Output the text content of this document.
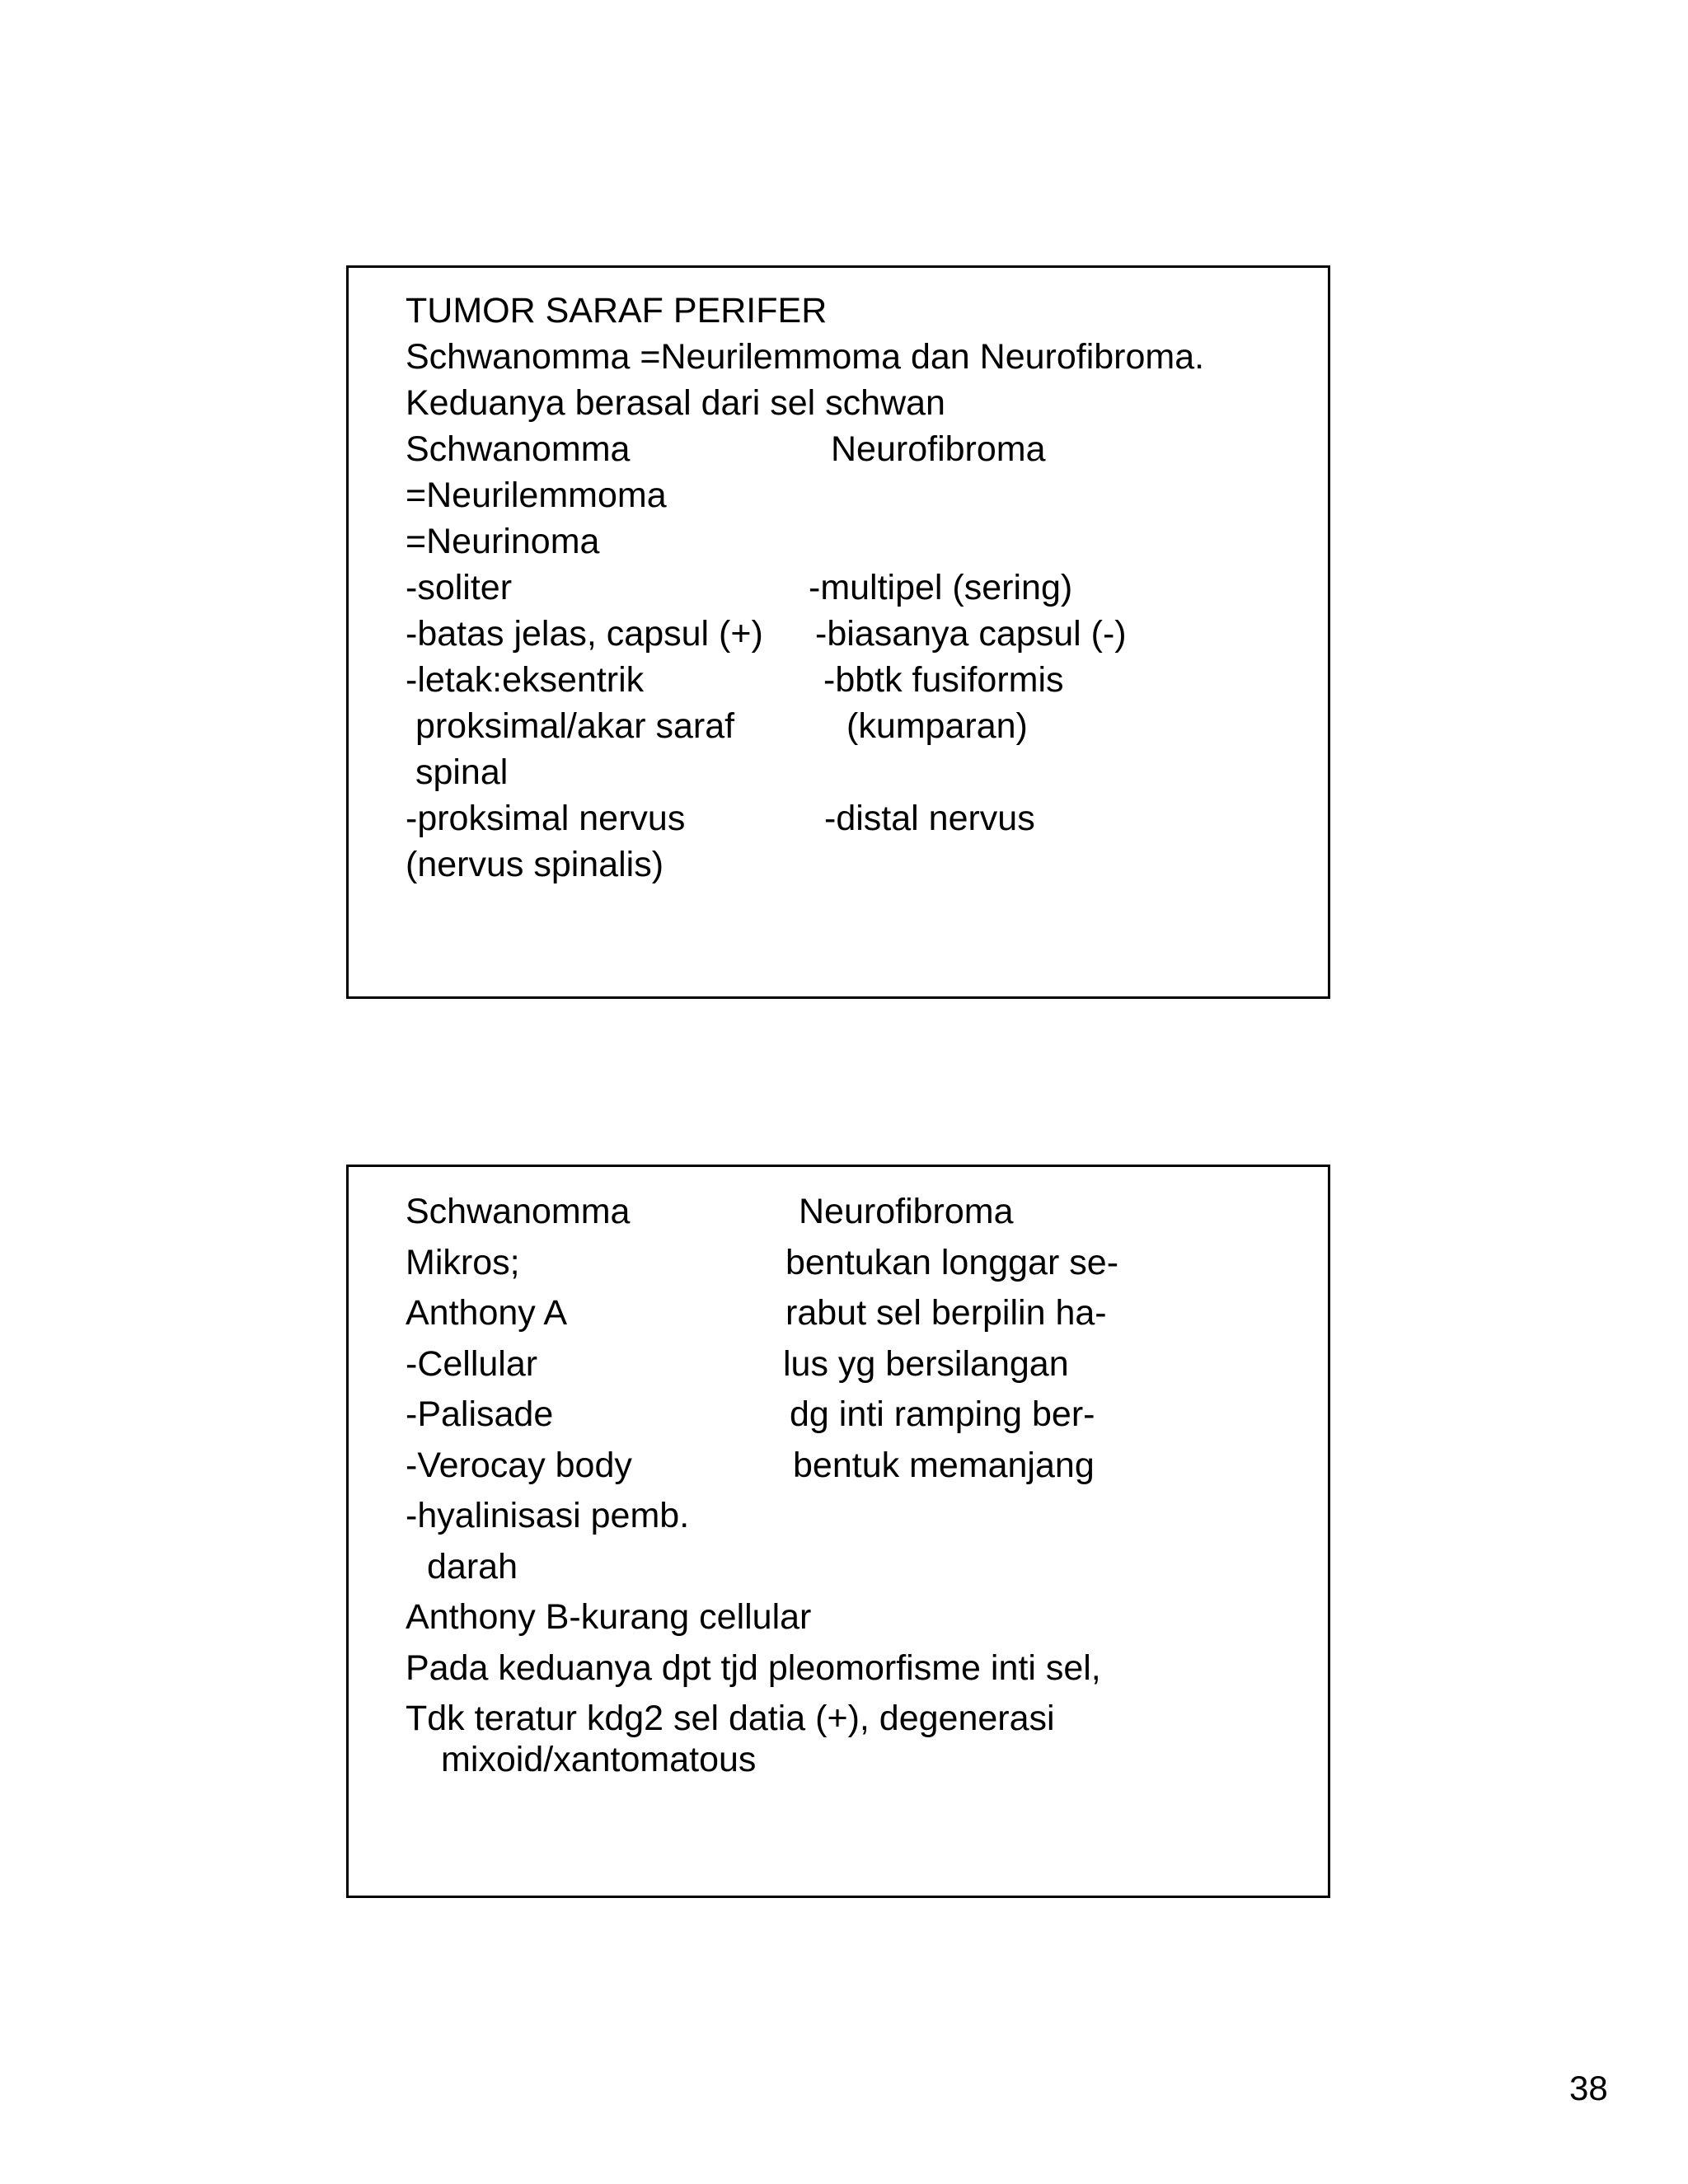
TUMOR SARAF PERIFER
Schwanomma =Neurilemmoma dan Neurofibroma.
Keduanya berasal dari sel schwan
Schwanomma
=Neurilemmoma
=Neurinoma
-soliter
-batas jelas, capsul (+)
-letak:eksentrik
proksimal/akar saraf
spinal
-proksimal nervus
(nervus spinalis)
Neurofibroma
-multipel (sering)
-biasanya capsul (-)
-bbtk fusiformis
(kumparan)
-distal nervus
Schwanomma
Mikros;
Anthony A
-Cellular
-Palisade
-Verocay body
-hyalinisasi pemb.
darah
Anthony B-kurang cellular
Pada keduanya dpt tjd pleomorfisme inti sel,
Tdk teratur kdg2 sel datia (+), degenerasi
mixoid/xantomatous
Neurofibroma
bentukan longgar se-
rabut sel berpilin ha-
lus yg bersilangan
dg inti ramping ber-
bentuk memanjang
38
